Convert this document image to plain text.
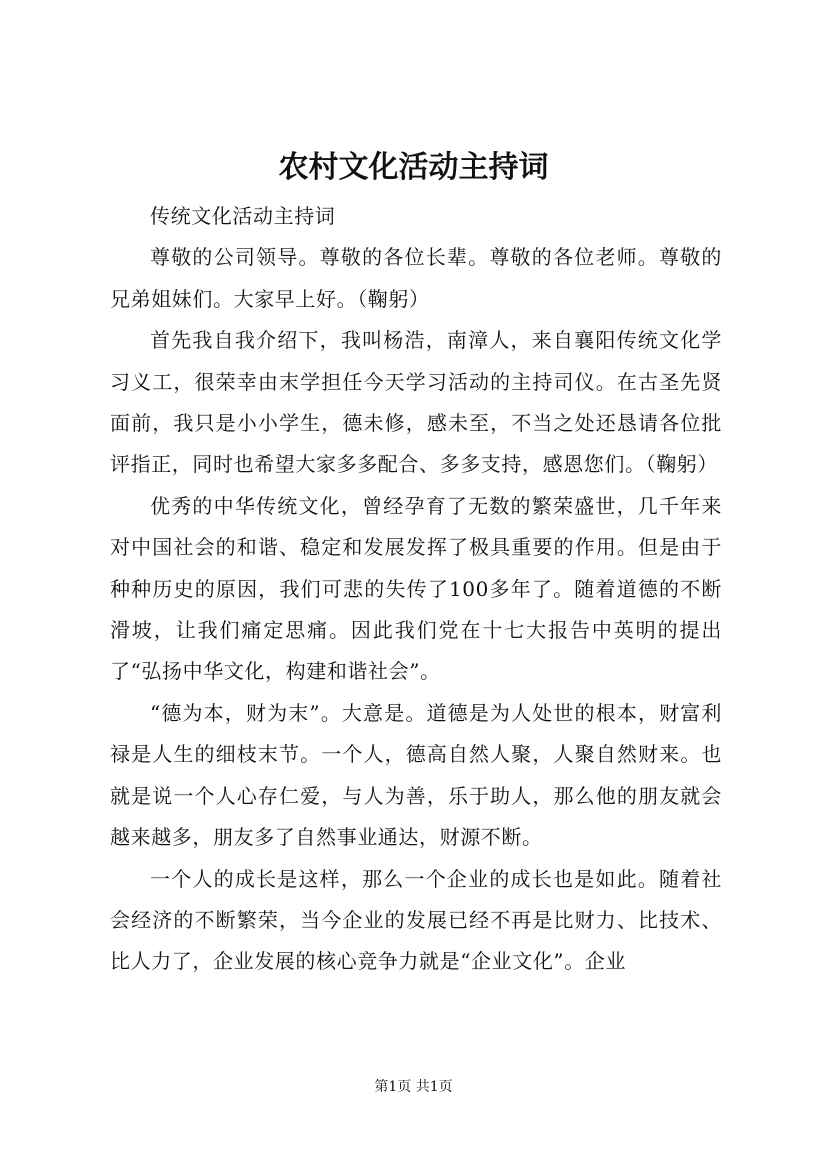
农村文化活动主持词

传统文化活动主持词

尊敬的公司领导。尊敬的各位长辈。尊敬的各位老师。尊敬的兄弟姐妹们。大家早上好。（鞠躬）

首先我自我介绍下，我叫杨浩，南漳人，来自襄阳传统文化学习义工，很荣幸由末学担任今天学习活动的主持司仪。在古圣先贤面前，我只是小小学生，德未修，感未至，不当之处还恳请各位批评指正，同时也希望大家多多配合、多多支持，感恩您们。（鞠躬）

优秀的中华传统文化，曾经孕育了无数的繁荣盛世，几千年来对中国社会的和谐、稳定和发展发挥了极具重要的作用。但是由于种种历史的原因，我们可悲的失传了100多年了。随着道德的不断滑坡，让我们痛定思痛。因此我们党在十七大报告中英明的提出了“弘扬中华文化，构建和谐社会”。

“德为本，财为末”。大意是。道德是为人处世的根本，财富利禄是人生的细枝末节。一个人，德高自然人聚，人聚自然财来。也就是说一个人心存仁爱，与人为善，乐于助人，那么他的朋友就会越来越多，朋友多了自然事业通达，财源不断。

一个人的成长是这样，那么一个企业的成长也是如此。随着社会经济的不断繁荣，当今企业的发展已经不再是比财力、比技术、比人力了，企业发展的核心竞争力就是“企业文化”。企业

第1页 共1页
